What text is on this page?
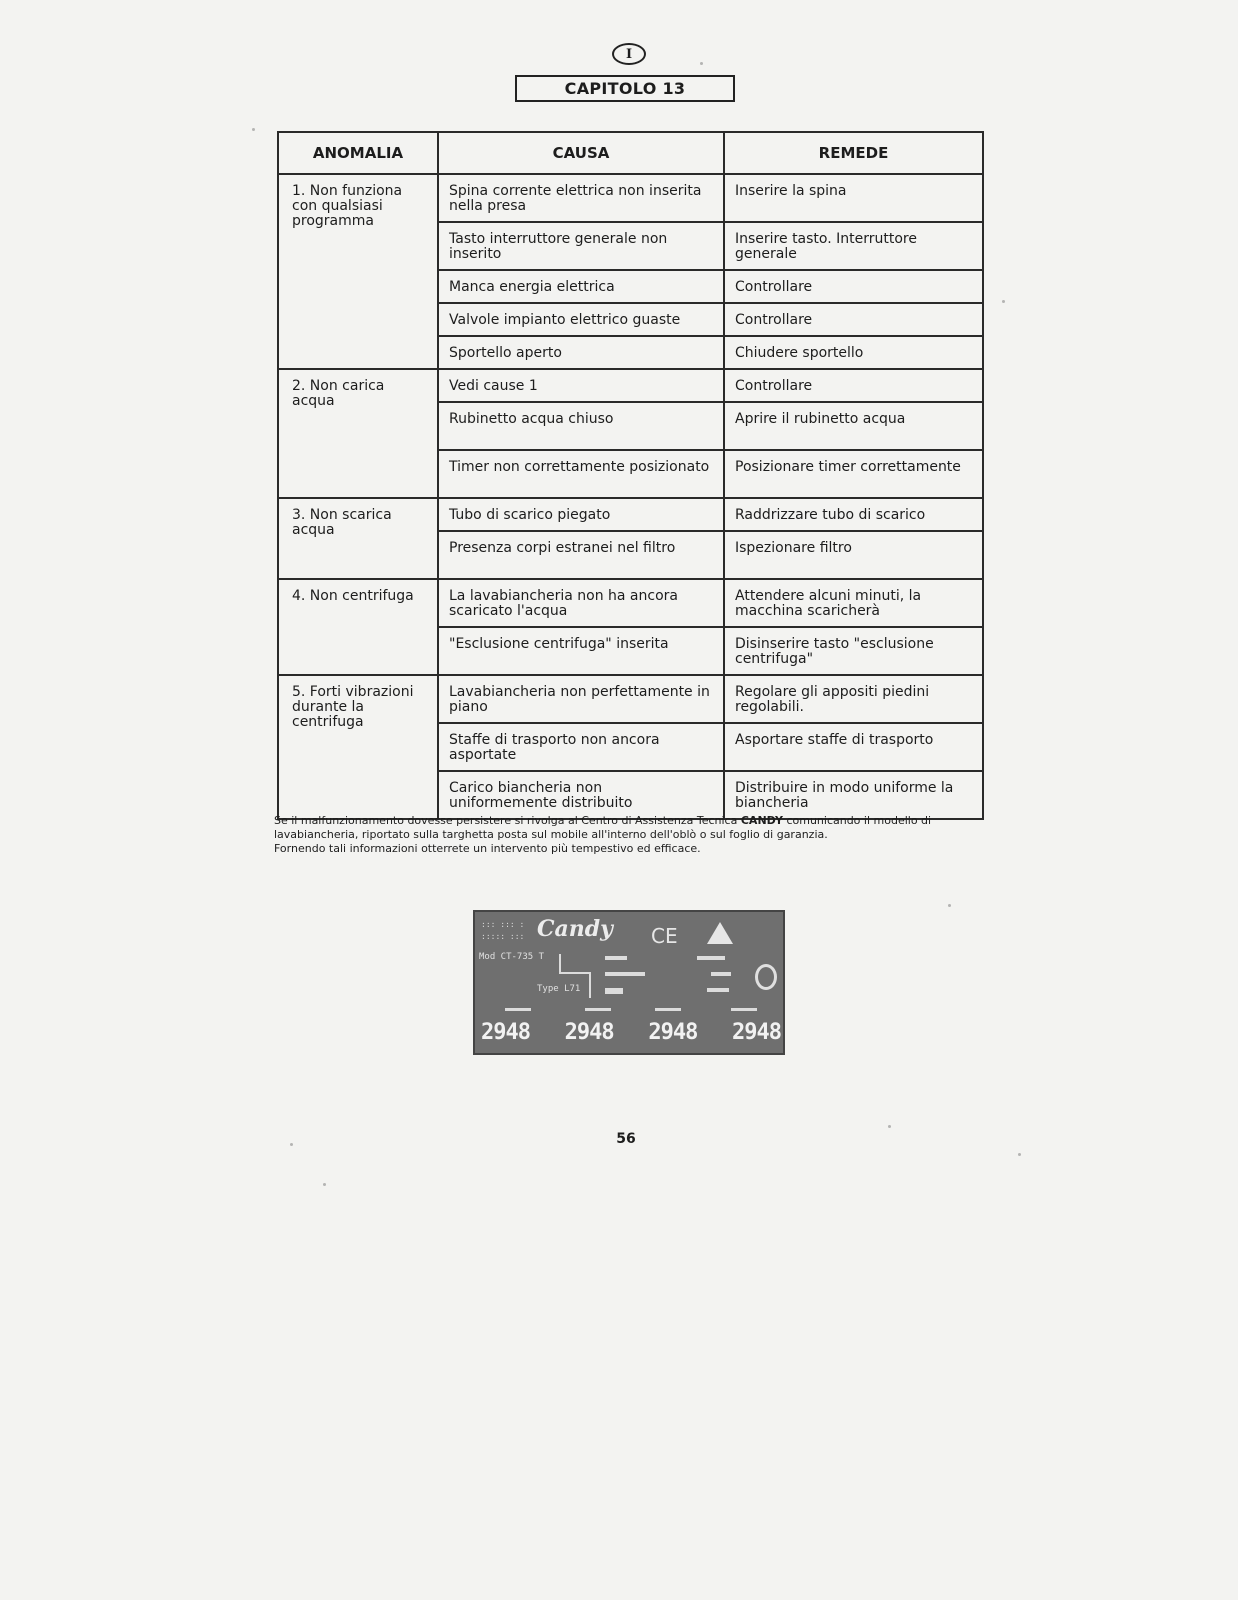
I
CAPITOLO 13
ANOMALIA	CAUSA	REMEDE
1. Non funziona con qualsiasi programma	Spina corrente elettrica non inserita nella presa	Inserire la spina
	Tasto interruttore generale non inserito	Inserire tasto. Interruttore generale
	Manca energia elettrica	Controllare
	Valvole impianto elettrico guaste	Controllare
	Sportello aperto	Chiudere sportello
2. Non carica acqua	Vedi cause 1	Controllare
	Rubinetto acqua chiuso	Aprire il rubinetto acqua
	Timer non correttamente posizionato	Posizionare timer correttamente
3. Non scarica acqua	Tubo di scarico piegato	Raddrizzare tubo di scarico
	Presenza corpi estranei nel filtro	Ispezionare filtro
4. Non centrifuga	La lavabiancheria non ha ancora scaricato l'acqua	Attendere alcuni minuti, la macchina scaricherà
	"Esclusione centrifuga" inserita	Disinserire tasto "esclusione centrifuga"
5. Forti vibrazioni durante la centrifuga	Lavabiancheria non perfettamente in piano	Regolare gli appositi piedini regolabili.
	Staffe di trasporto non ancora asportate	Asportare staffe di trasporto
	Carico biancheria non uniformemente distribuito	Distribuire in modo uniforme la biancheria

Se il malfunzionamento dovesse persistere si rivolga al Centro di Assistenza Tecnica CANDY comunicando il modello di lavabiancheria, riportato sulla targhetta posta sul mobile all'interno dell'oblò o sul foglio di garanzia.

Fornendo tali informazioni otterrete un intervento più tempestivo ed efficace.

::: ::: :
::::: ::: Candy CE
Mod CT-735 T
Type L71
2948 2948 2948 2948
56
